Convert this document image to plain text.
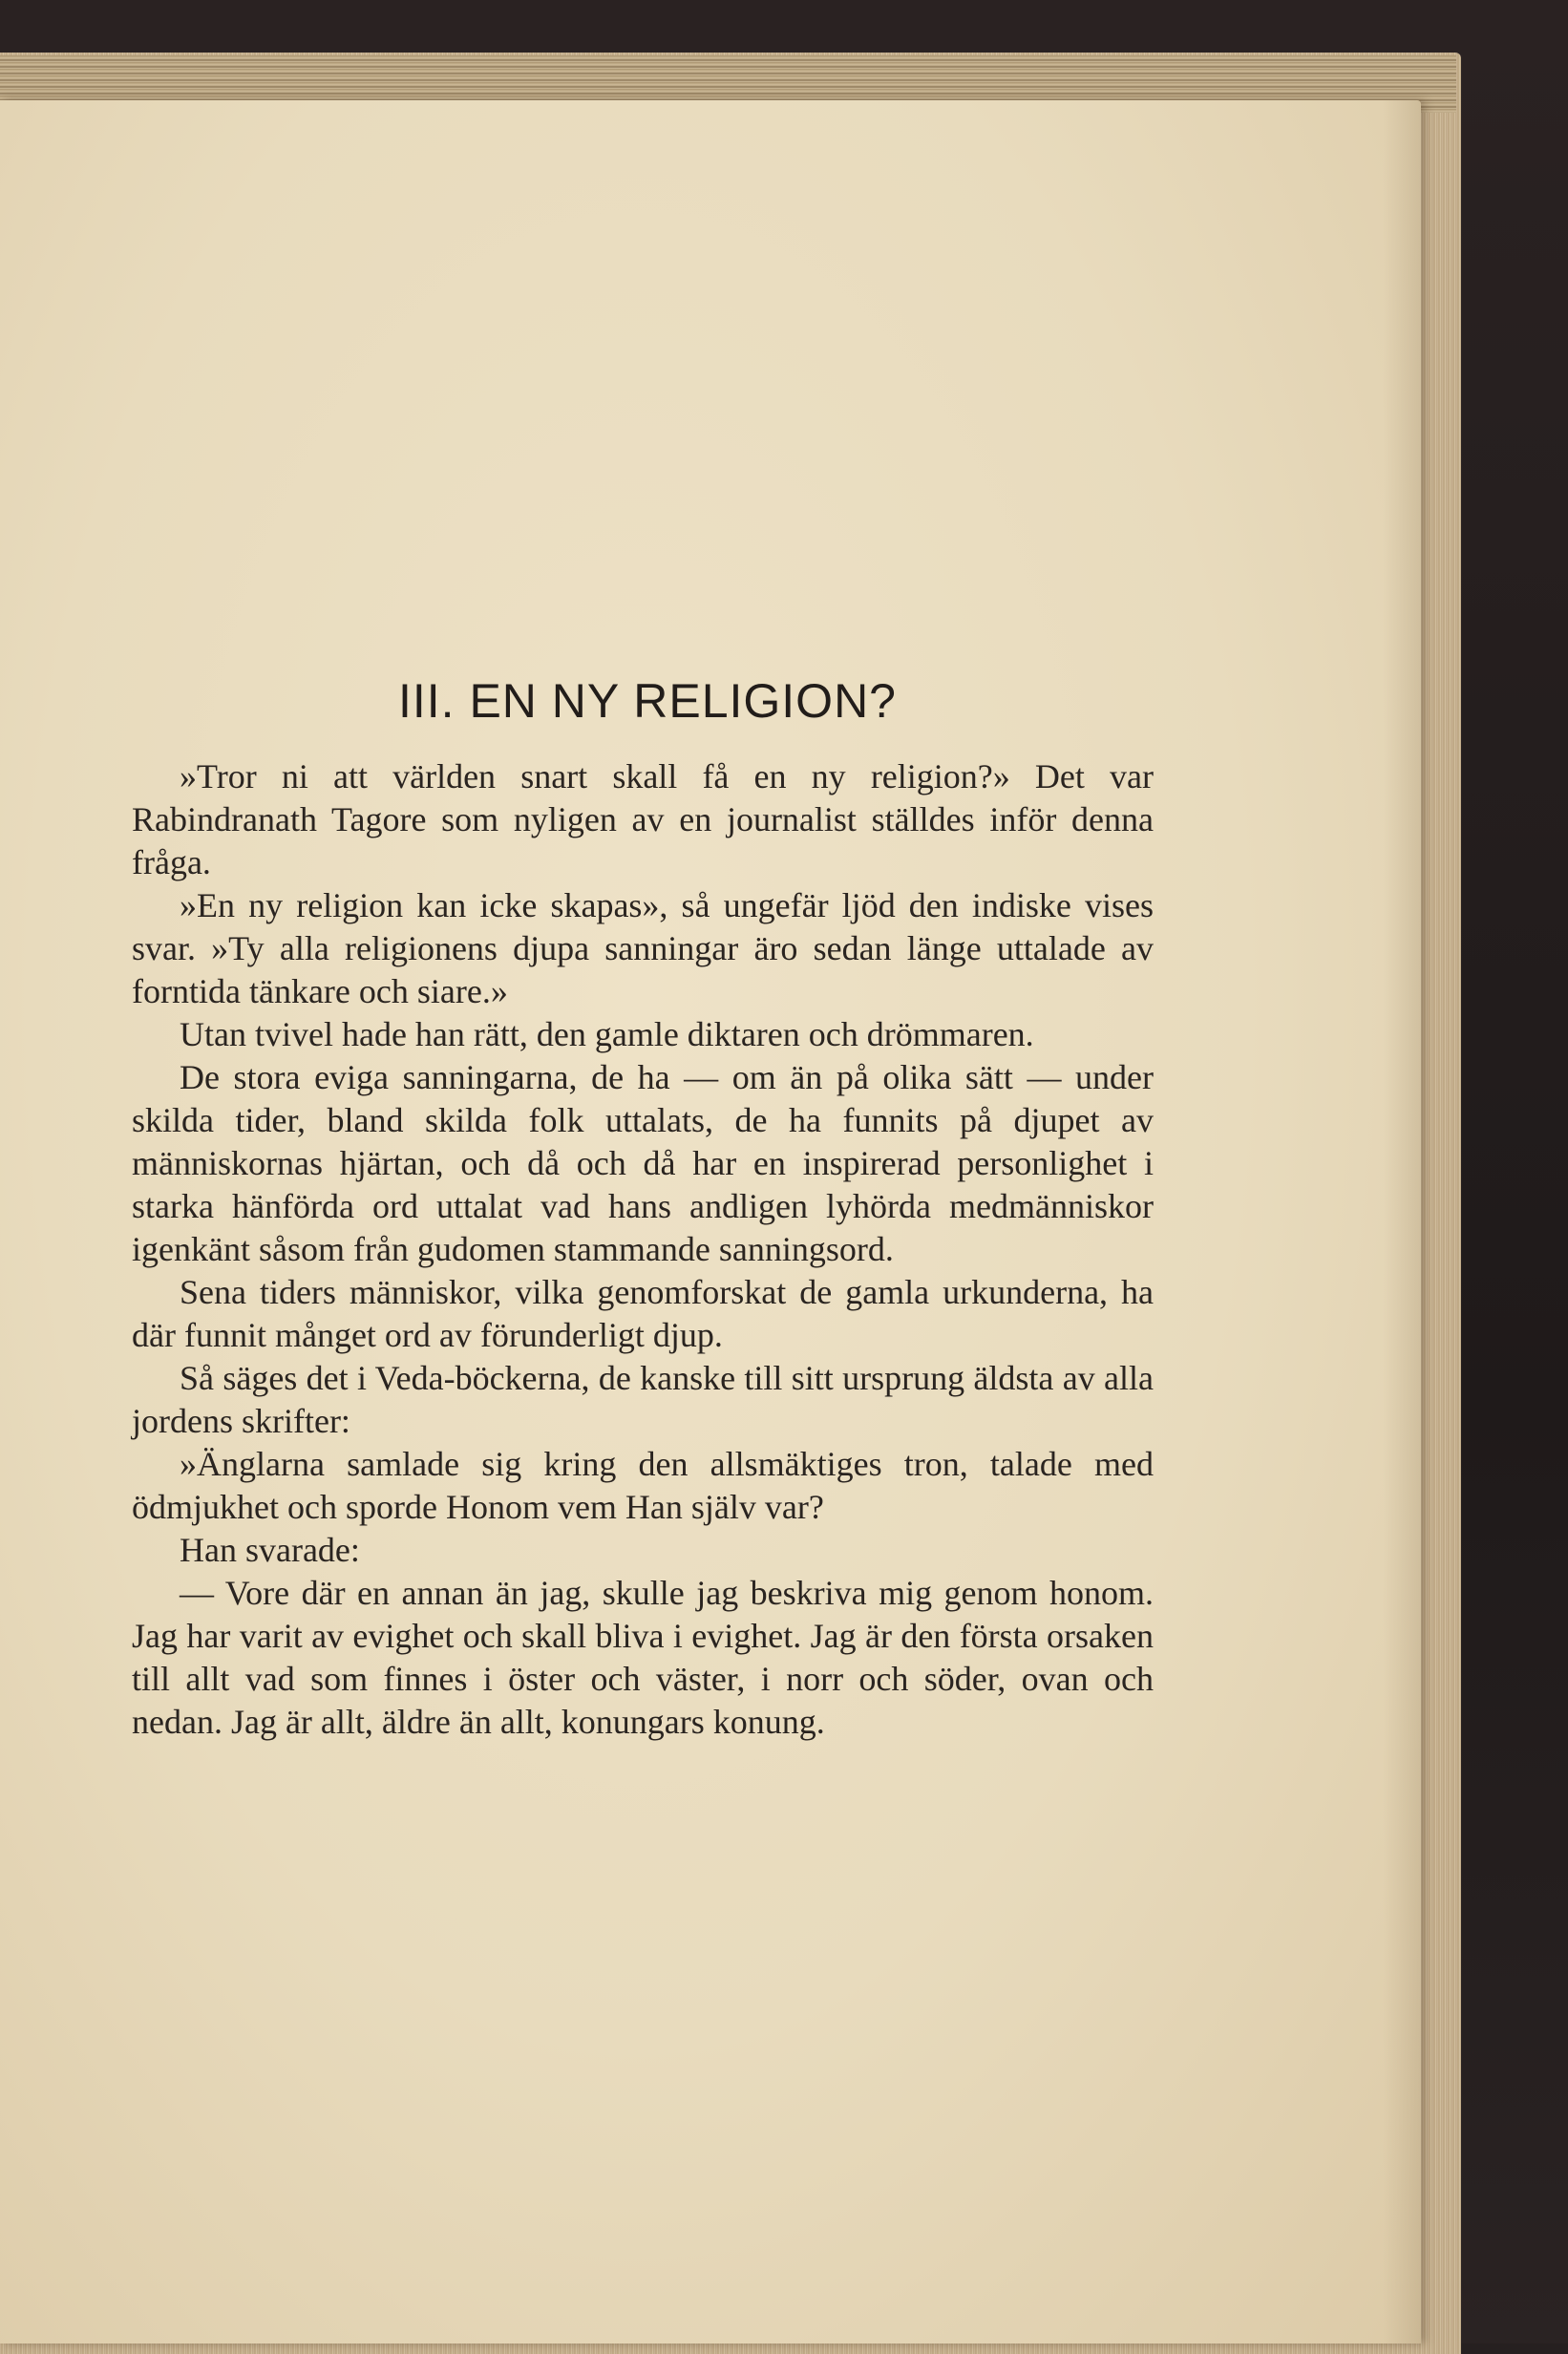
III. EN NY RELIGION?

»Tror ni att världen snart skall få en ny religion?» Det var Rabindranath Tagore som nyligen av en journalist ställdes inför denna fråga.

»En ny religion kan icke skapas», så ungefär ljöd den indiske vises svar. »Ty alla religionens djupa sanningar äro sedan länge uttalade av forntida tänkare och siare.»

Utan tvivel hade han rätt, den gamle diktaren och drömmaren.

De stora eviga sanningarna, de ha — om än på olika sätt — under skilda tider, bland skilda folk uttalats, de ha funnits på djupet av människornas hjärtan, och då och då har en inspirerad personlighet i starka hänförda ord uttalat vad hans andligen lyhörda medmänniskor igenkänt såsom från gudomen stammande sanningsord.

Sena tiders människor, vilka genomforskat de gamla urkunderna, ha där funnit månget ord av förunderligt djup.

Så säges det i Veda-böckerna, de kanske till sitt ursprung äldsta av alla jordens skrifter:

»Änglarna samlade sig kring den allsmäktiges tron, talade med ödmjukhet och sporde Honom vem Han själv var?

Han svarade:

— Vore där en annan än jag, skulle jag beskriva mig genom honom. Jag har varit av evighet och skall bliva i evighet. Jag är den första orsaken till allt vad som finnes i öster och väster, i norr och söder, ovan och nedan. Jag är allt, äldre än allt, konungars konung.
